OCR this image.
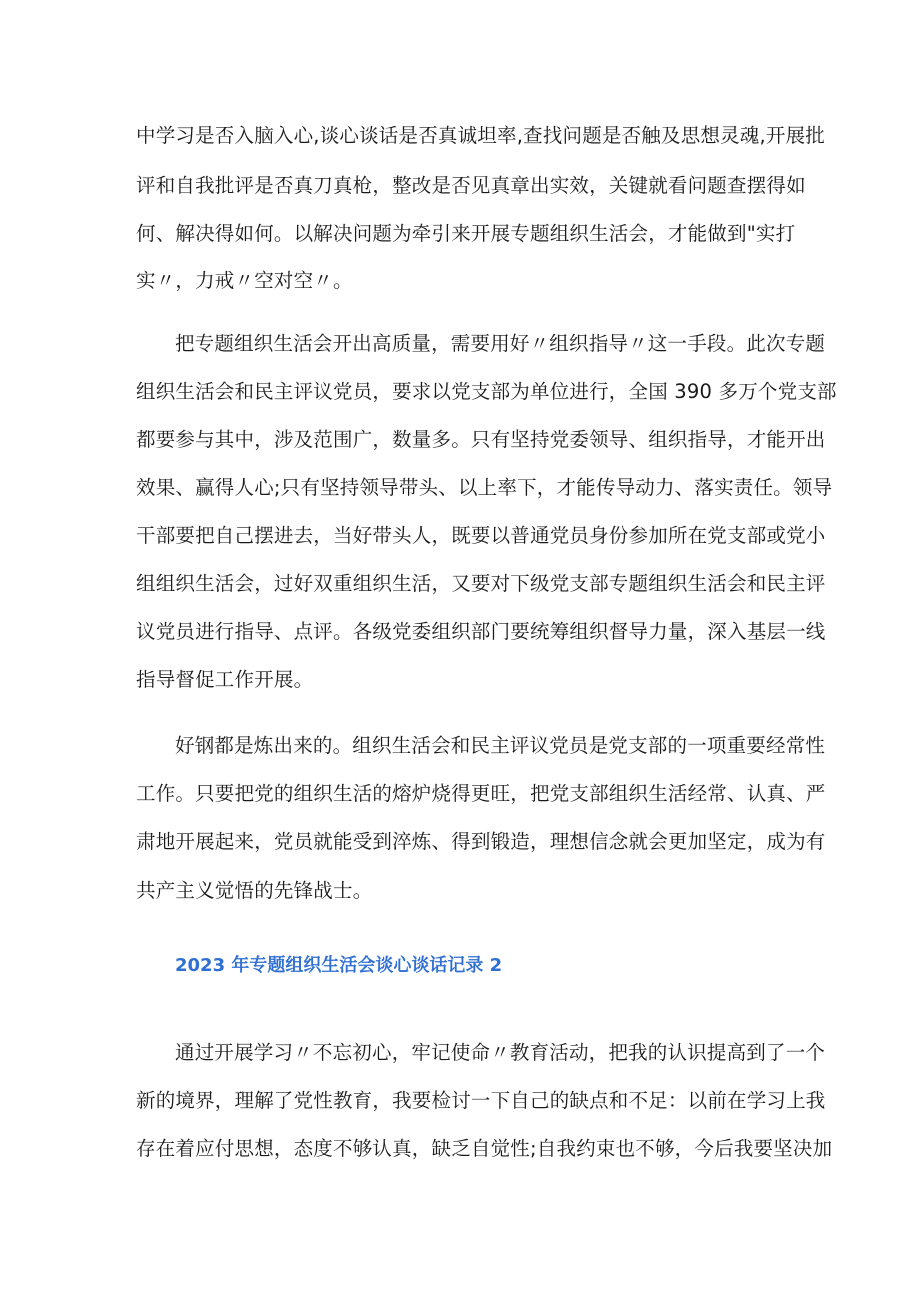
中学习是否入脑入心,谈心谈话是否真诚坦率,查找问题是否触及思想灵魂,开展批
评和自我批评是否真刀真枪，整改是否见真章出实效，关键就看问题查摆得如
何、解决得如何。以解决问题为牵引来开展专题组织生活会，才能做到"实打
实〃，力戒〃空对空〃。
把专题组织生活会开出高质量，需要用好〃组织指导〃这一手段。此次专题
组织生活会和民主评议党员，要求以党支部为单位进行，全国 390 多万个党支部
都要参与其中，涉及范围广，数量多。只有坚持党委领导、组织指导，才能开出
效果、赢得人心;只有坚持领导带头、以上率下，才能传导动力、落实责任。领导
干部要把自己摆进去，当好带头人，既要以普通党员身份参加所在党支部或党小
组组织生活会，过好双重组织生活，又要对下级党支部专题组织生活会和民主评
议党员进行指导、点评。各级党委组织部门要统筹组织督导力量，深入基层一线
指导督促工作开展。
好钢都是炼出来的。组织生活会和民主评议党员是党支部的一项重要经常性
工作。只要把党的组织生活的熔炉烧得更旺，把党支部组织生活经常、认真、严
肃地开展起来，党员就能受到淬炼、得到锻造，理想信念就会更加坚定，成为有
共产主义觉悟的先锋战士。
2023 年专题组织生活会谈心谈话记录 2
通过开展学习〃不忘初心，牢记使命〃教育活动，把我的认识提高到了一个
新的境界，理解了党性教育，我要检讨一下自己的缺点和不足：以前在学习上我
存在着应付思想，态度不够认真，缺乏自觉性;自我约束也不够，今后我要坚决加
